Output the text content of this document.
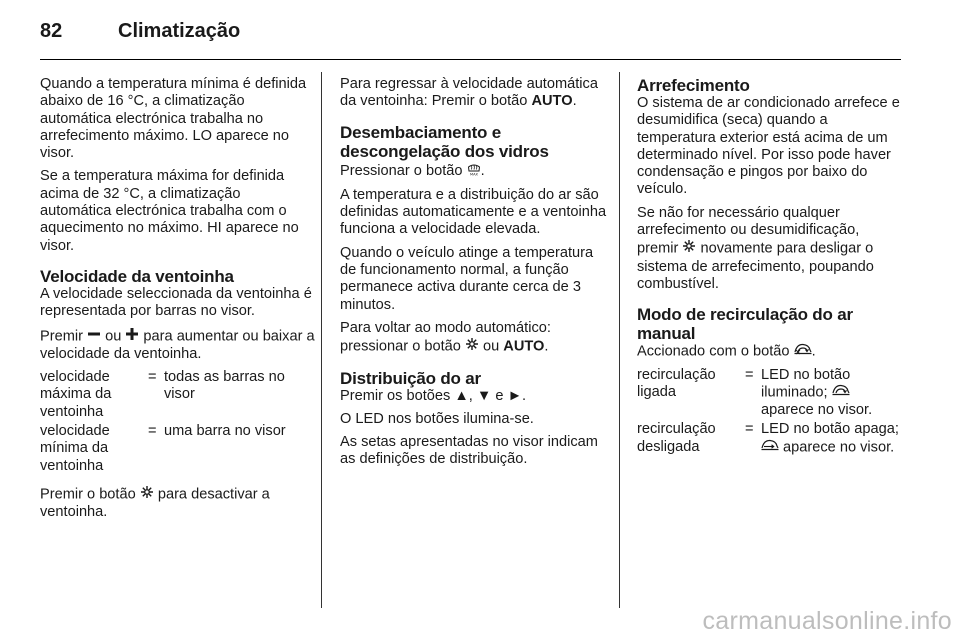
82	Climatização

Quando a temperatura mínima é definida abaixo de 16 °C, a climatização automática electrónica trabalha no arrefecimento máximo. LO aparece no visor.

Se a temperatura máxima for definida acima de 32 °C, a climatização automática electrónica trabalha com o aquecimento no máximo. HI aparece no visor.

Velocidade da ventoinha

A velocidade seleccionada da ventoinha é representada por barras no visor.

Premir  ou  para aumentar ou baixar a velocidade da ventoinha.

velocidade máxima da ventoinha
= todas as barras no visor
velocidade mínima da ventoinha
= uma barra no visor

Premir o botão  para desactivar a ventoinha.

Para regressar à velocidade automática da ventoinha: Premir o botão AUTO.

Desembaciamento e descongelação dos vidros

Pressionar o botão MAX .

A temperatura e a distribuição do ar são definidas automaticamente e a ventoinha funciona a velocidade elevada.

Quando o veículo atinge a temperatura de funcionamento normal, a função permanece activa durante cerca de 3 minutos.

Para voltar ao modo automático: pressionar o botão  ou AUTO.

Distribuição do ar

Premir os botões ▲, ▼ e ►.

O LED nos botões ilumina-se.

As setas apresentadas no visor indicam as definições de distribuição.

Arrefecimento

O sistema de ar condicionado arrefece e desumidifica (seca) quando a temperatura exterior está acima de um determinado nível. Por isso pode haver condensação e pingos por baixo do veículo.

Se não for necessário qualquer arrefecimento ou desumidificação, premir  novamente para desligar o sistema de arrefecimento, poupando combustível.

Modo de recirculação do ar manual

Accionado com o botão .

recirculação ligada
= LED no botão iluminado;  aparece no visor.
recirculação desligada
= LED no botão apaga;  aparece no visor.
carmanualsonline.info
